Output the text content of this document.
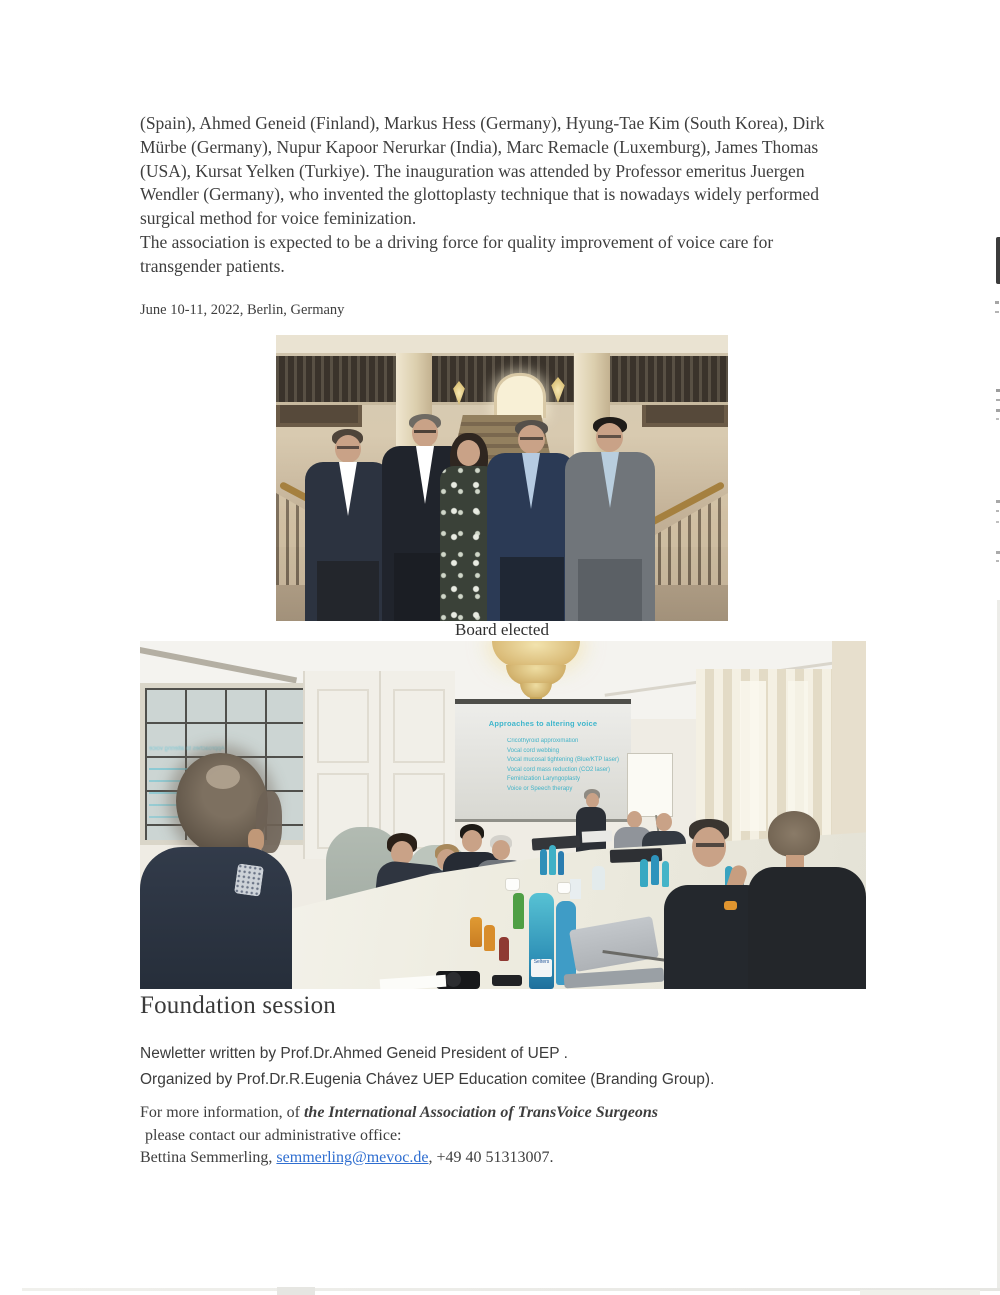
(Spain), Ahmed Geneid (Finland), Markus Hess (Germany), Hyung-Tae Kim (South Korea), Dirk Mürbe (Germany), Nupur Kapoor Nerurkar (India), Marc Remacle (Luxemburg), James Thomas (USA), Kursat Yelken (Turkiye). The inauguration was attended by Professor emeritus Juergen Wendler (Germany), who invented the glottoplasty technique that is nowadays widely performed surgical method for voice feminization.

The association is expected to be a driving force for quality improvement of voice care for transgender patients.

June 10-11, 2022, Berlin, Germany
Board elected
Approaches to altering voice
Approaches to altering voice
Cricothyroid approximation
Vocal cord webbing
Vocal mucosal tightening (Blue/KTP laser)
Vocal cord mass reduction (CO2 laser)
Feminization Laryngoplasty
Voice or Speech therapy
Selters
Foundation session
Newletter written by Prof.Dr.Ahmed Geneid President of UEP .
Organized by Prof.Dr.R.Eugenia Chávez UEP Education comitee (Branding Group).
For more information, of the International Association of TransVoice Surgeons
please contact our administrative office:
Bettina Semmerling, semmerling@mevoc.de, +49 40 51313007.
